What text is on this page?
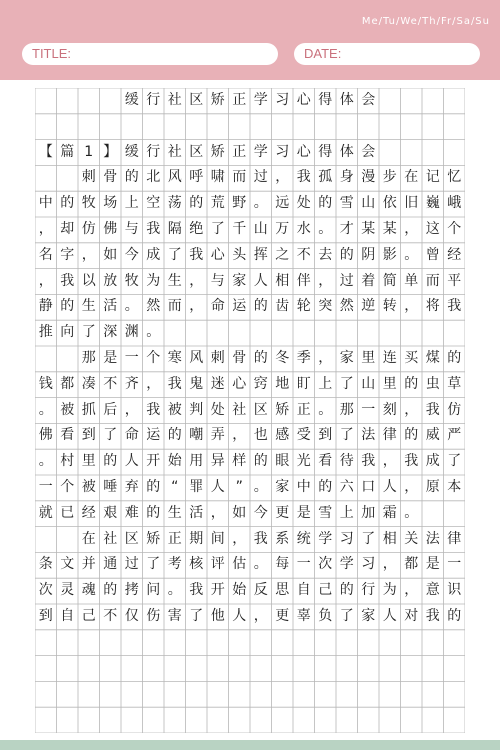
Me/Tu/We/Th/Fr/Sa/Su
TITLE:	DATE:
缓 行 社 区 矫 正 学 习 心 得 体 会
【 篇 1 】 缓 行 社 区 矫 正 学 习 心 得 体 会
刺 骨 的 北 风 呼 啸 而 过 ， 我 孤 身 漫 步 在 记 忆
中 的 牧 场 上 空 荡 的 荒 野 。 远 处 的 雪 山 依 旧 巍 峨
， 却 仿 佛 与 我 隔 绝 了 千 山 万 水 。 才 某 某 ， 这 个
名 字 ， 如 今 成 了 我 心 头 挥 之 不 去 的 阴 影 。 曾 经
， 我 以 放 牧 为 生 ， 与 家 人 相 伴 ， 过 着 简 单 而 平
静 的 生 活 。 然 而 ， 命 运 的 齿 轮 突 然 逆 转 ， 将 我
推 向 了 深 渊 。
那 是 一 个 寒 风 刺 骨 的 冬 季 ， 家 里 连 买 煤 的
钱 都 凑 不 齐 ， 我 鬼 迷 心 窍 地 盯 上 了 山 里 的 虫 草
。 被 抓 后 ， 我 被 判 处 社 区 矫 正 。 那 一 刻 ， 我 仿
佛 看 到 了 命 运 的 嘲 弄 ， 也 感 受 到 了 法 律 的 威 严
。 村 里 的 人 开 始 用 异 样 的 眼 光 看 待 我 ， 我 成 了
一 个 被 唾 弃 的 “ 罪 人 ” 。 家 中 的 六 口 人 ， 原 本
就 已 经 艰 难 的 生 活 ， 如 今 更 是 雪 上 加 霜 。
在 社 区 矫 正 期 间 ， 我 系 统 学 习 了 相 关 法 律
条 文 并 通 过 了 考 核 评 估 。 每 一 次 学 习 ， 都 是 一
次 灵 魂 的 拷 问 。 我 开 始 反 思 自 己 的 行 为 ， 意 识
到 自 己 不 仅 伤 害 了 他 人 ， 更 辜 负 了 家 人 对 我 的
